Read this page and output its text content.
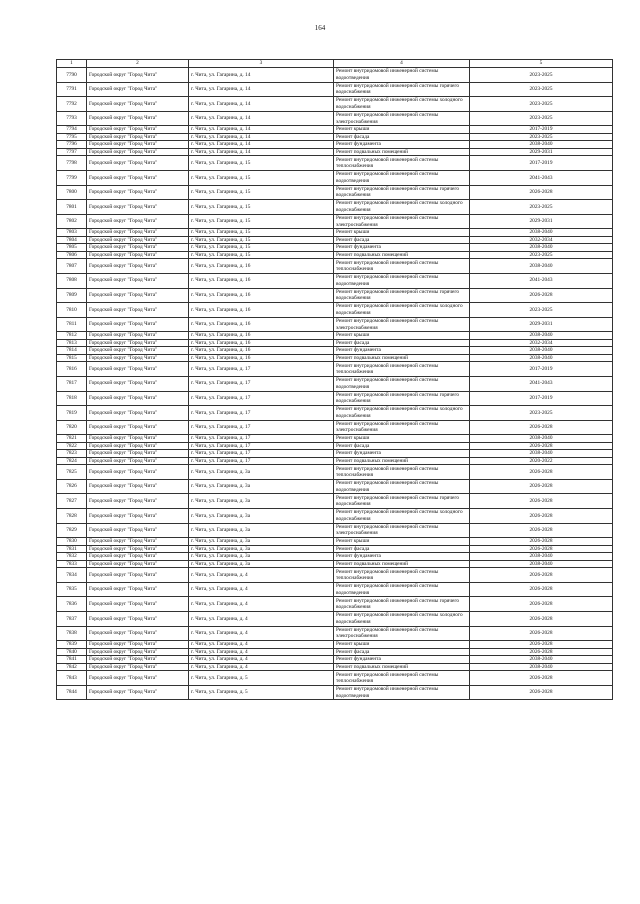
164
1	2	3	4	5
7790	Городской округ "Город Чита"	г. Чита, ул. Гагарина, д. 14	Ремонт внутридомовой инженерной системы водоотведения	2023-2025
7791	Городской округ "Город Чита"	г. Чита, ул. Гагарина, д. 14	Ремонт внутридомовой инженерной системы горячего водоснабжения	2023-2025
7792	Городской округ "Город Чита"	г. Чита, ул. Гагарина, д. 14	Ремонт внутридомовой инженерной системы холодного водоснабжения	2023-2025
7793	Городской округ "Город Чита"	г. Чита, ул. Гагарина, д. 14	Ремонт внутридомовой инженерной системы электроснабжения	2023-2025
7794	Городской округ "Город Чита"	г. Чита, ул. Гагарина, д. 14	Ремонт крыши	2017-2019
7795	Городской округ "Город Чита"	г. Чита, ул. Гагарина, д. 14	Ремонт фасада	2023-2025
7796	Городской округ "Город Чита"	г. Чита, ул. Гагарина, д. 14	Ремонт фундамента	2038-2040
7797	Городской округ "Город Чита"	г. Чита, ул. Гагарина, д. 14	Ремонт подвальных помещений	2029-2031
7798	Городской округ "Город Чита"	г. Чита, ул. Гагарина, д. 15	Ремонт внутридомовой инженерной системы теплоснабжения	2017-2019
7799	Городской округ "Город Чита"	г. Чита, ул. Гагарина, д. 15	Ремонт внутридомовой инженерной системы водоотведения	2041-2043
7800	Городской округ "Город Чита"	г. Чита, ул. Гагарина, д. 15	Ремонт внутридомовой инженерной системы горячего водоснабжения	2026-2028
7801	Городской округ "Город Чита"	г. Чита, ул. Гагарина, д. 15	Ремонт внутридомовой инженерной системы холодного водоснабжения	2023-2025
7802	Городской округ "Город Чита"	г. Чита, ул. Гагарина, д. 15	Ремонт внутридомовой инженерной системы электроснабжения	2029-2031
7803	Городской округ "Город Чита"	г. Чита, ул. Гагарина, д. 15	Ремонт крыши	2038-2040
7804	Городской округ "Город Чита"	г. Чита, ул. Гагарина, д. 15	Ремонт фасада	2032-2034
7805	Городской округ "Город Чита"	г. Чита, ул. Гагарина, д. 15	Ремонт фундамента	2038-2040
7806	Городской округ "Город Чита"	г. Чита, ул. Гагарина, д. 15	Ремонт подвальных помещений	2023-2025
7807	Городской округ "Город Чита"	г. Чита, ул. Гагарина, д. 16	Ремонт внутридомовой инженерной системы теплоснабжения	2038-2040
7808	Городской округ "Город Чита"	г. Чита, ул. Гагарина, д. 16	Ремонт внутридомовой инженерной системы водоотведения	2041-2043
7809	Городской округ "Город Чита"	г. Чита, ул. Гагарина, д. 16	Ремонт внутридомовой инженерной системы горячего водоснабжения	2026-2028
7810	Городской округ "Город Чита"	г. Чита, ул. Гагарина, д. 16	Ремонт внутридомовой инженерной системы холодного водоснабжения	2023-2025
7811	Городской округ "Город Чита"	г. Чита, ул. Гагарина, д. 16	Ремонт внутридомовой инженерной системы электроснабжения	2029-2031
7812	Городской округ "Город Чита"	г. Чита, ул. Гагарина, д. 16	Ремонт крыши	2038-2040
7813	Городской округ "Город Чита"	г. Чита, ул. Гагарина, д. 16	Ремонт фасада	2032-2034
7814	Городской округ "Город Чита"	г. Чита, ул. Гагарина, д. 16	Ремонт фундамента	2038-2040
7815	Городской округ "Город Чита"	г. Чита, ул. Гагарина, д. 16	Ремонт подвальных помещений	2038-2040
7816	Городской округ "Город Чита"	г. Чита, ул. Гагарина, д. 17	Ремонт внутридомовой инженерной системы теплоснабжения	2017-2019
7817	Городской округ "Город Чита"	г. Чита, ул. Гагарина, д. 17	Ремонт внутридомовой инженерной системы водоотведения	2041-2043
7818	Городской округ "Город Чита"	г. Чита, ул. Гагарина, д. 17	Ремонт внутридомовой инженерной системы горячего водоснабжения	2017-2019
7819	Городской округ "Город Чита"	г. Чита, ул. Гагарина, д. 17	Ремонт внутридомовой инженерной системы холодного водоснабжения	2023-2025
7820	Городской округ "Город Чита"	г. Чита, ул. Гагарина, д. 17	Ремонт внутридомовой инженерной системы электроснабжения	2026-2028
7821	Городской округ "Город Чита"	г. Чита, ул. Гагарина, д. 17	Ремонт крыши	2038-2040
7822	Городской округ "Город Чита"	г. Чита, ул. Гагарина, д. 17	Ремонт фасада	2026-2028
7823	Городской округ "Город Чита"	г. Чита, ул. Гагарина, д. 17	Ремонт фундамента	2038-2040
7824	Городской округ "Город Чита"	г. Чита, ул. Гагарина, д. 17	Ремонт подвальных помещений	2020-2022
7825	Городской округ "Город Чита"	г. Чита, ул. Гагарина, д. 3а	Ремонт внутридомовой инженерной системы теплоснабжения	2026-2028
7826	Городской округ "Город Чита"	г. Чита, ул. Гагарина, д. 3а	Ремонт внутридомовой инженерной системы водоотведения	2026-2028
7827	Городской округ "Город Чита"	г. Чита, ул. Гагарина, д. 3а	Ремонт внутридомовой инженерной системы горячего водоснабжения	2026-2028
7828	Городской округ "Город Чита"	г. Чита, ул. Гагарина, д. 3а	Ремонт внутридомовой инженерной системы холодного водоснабжения	2026-2028
7829	Городской округ "Город Чита"	г. Чита, ул. Гагарина, д. 3а	Ремонт внутридомовой инженерной системы электроснабжения	2026-2028
7830	Городской округ "Город Чита"	г. Чита, ул. Гагарина, д. 3а	Ремонт крыши	2026-2028
7831	Городской округ "Город Чита"	г. Чита, ул. Гагарина, д. 3а	Ремонт фасада	2026-2028
7832	Городской округ "Город Чита"	г. Чита, ул. Гагарина, д. 3а	Ремонт фундамента	2038-2040
7833	Городской округ "Город Чита"	г. Чита, ул. Гагарина, д. 3а	Ремонт подвальных помещений	2038-2040
7834	Городской округ "Город Чита"	г. Чита, ул. Гагарина, д. 4	Ремонт внутридомовой инженерной системы теплоснабжения	2026-2028
7835	Городской округ "Город Чита"	г. Чита, ул. Гагарина, д. 4	Ремонт внутридомовой инженерной системы водоотведения	2026-2028
7836	Городской округ "Город Чита"	г. Чита, ул. Гагарина, д. 4	Ремонт внутридомовой инженерной системы горячего водоснабжения	2026-2028
7837	Городской округ "Город Чита"	г. Чита, ул. Гагарина, д. 4	Ремонт внутридомовой инженерной системы холодного водоснабжения	2026-2028
7838	Городской округ "Город Чита"	г. Чита, ул. Гагарина, д. 4	Ремонт внутридомовой инженерной системы электроснабжения	2026-2028
7839	Городской округ "Город Чита"	г. Чита, ул. Гагарина, д. 4	Ремонт крыши	2026-2028
7840	Городской округ "Город Чита"	г. Чита, ул. Гагарина, д. 4	Ремонт фасада	2026-2028
7841	Городской округ "Город Чита"	г. Чита, ул. Гагарина, д. 4	Ремонт фундамента	2038-2040
7842	Городской округ "Город Чита"	г. Чита, ул. Гагарина, д. 4	Ремонт подвальных помещений	2038-2040
7843	Городской округ "Город Чита"	г. Чита, ул. Гагарина, д. 5	Ремонт внутридомовой инженерной системы теплоснабжения	2026-2028
7844	Городской округ "Город Чита"	г. Чита, ул. Гагарина, д. 5	Ремонт внутридомовой инженерной системы водоотведения	2026-2028
